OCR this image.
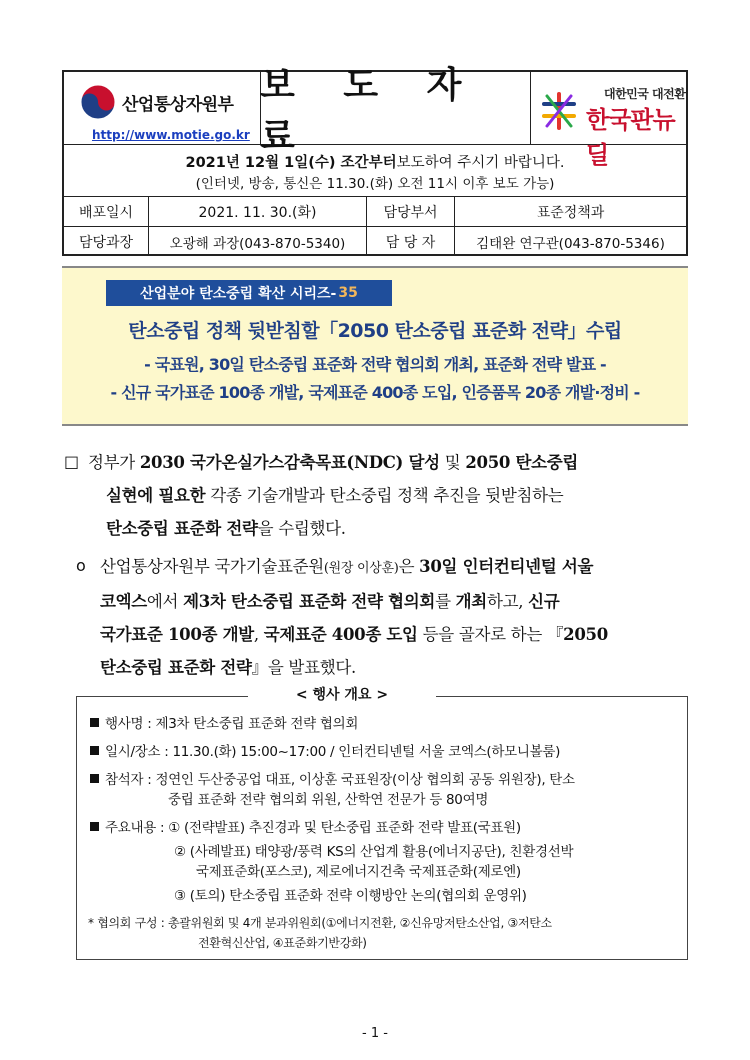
산업통상자원부
http://www.motie.go.kr
보 도 자 료
대한민국 대전환
한국판뉴딜
2021년 12월 1일(수) 조간부터 보도하여 주시기 바랍니다.
(인터넷, 방송, 통신은 11.30.(화) 오전 11시 이후 보도 가능)
배포일시	2021. 11. 30.(화)	담당부서	표준정책과
담당과장	오광해 과장(043-870-5340)	담 당 자	김태완 연구관(043-870-5346)
산업분야 탄소중립 확산 시리즈- 35
탄소중립 정책 뒷받침할「2050 탄소중립 표준화 전략」수립
- 국표원, 30일 탄소중립 표준화 전략 협의회 개최, 표준화 전략 발표 -
- 신규 국가표준 100종 개발, 국제표준 400종 도입, 인증품목 20종 개발·정비 -
□ 정부가 2030 국가온실가스감축목표(NDC) 달성 및 2050 탄소중립
실현에 필요한 각종 기술개발과 탄소중립 정책 추진을 뒷받침하는
탄소중립 표준화 전략을 수립했다.
o 산업통상자원부 국가기술표준원(원장 이상훈)은 30일 인터컨티넨털 서울
코엑스에서 제3차 탄소중립 표준화 전략 협의회를 개최하고, 신규
국가표준 100종 개발, 국제표준 400종 도입 등을 골자로 하는 『2050
탄소중립 표준화 전략』을 발표했다.
< 행사 개요 >
행사명 : 제3차 탄소중립 표준화 전략 협의회
일시/장소 : 11.30.(화) 15:00~17:00 / 인터컨티넨털 서울 코엑스(하모니볼룸)
참석자 : 정연인 두산중공업 대표, 이상훈 국표원장(이상 협의회 공동 위원장), 탄소
중립 표준화 전략 협의회 위원, 산학연 전문가 등 80여명
주요내용 : ① (전략발표) 추진경과 및 탄소중립 표준화 전략 발표(국표원)
② (사례발표) 태양광/풍력 KS의 산업계 활용(에너지공단), 친환경선박
국제표준화(포스코), 제로에너지건축 국제표준화(제로엔)
③ (토의) 탄소중립 표준화 전략 이행방안 논의(협의회 운영위)
* 협의회 구성 : 총괄위원회 및 4개 분과위원회(①에너지전환, ②신유망저탄소산업, ③저탄소
전환혁신산업, ④표준화기반강화)
- 1 -
